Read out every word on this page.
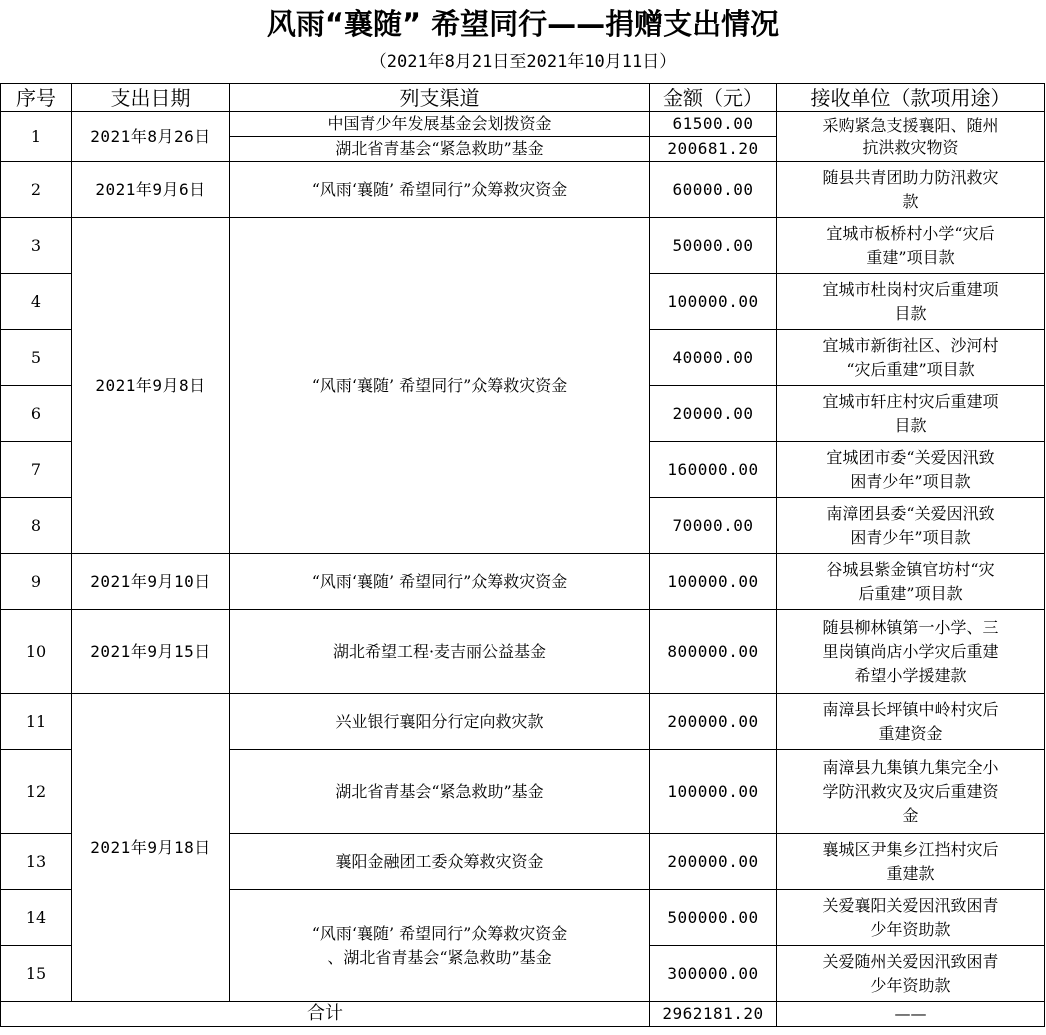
风雨“襄随” 希望同行——捐赠支出情况
（2021年8月21日至2021年10月11日）
序号	支出日期	列支渠道	金额（元）	接收单位（款项用途）
1	2021年8月26日	中国青少年发展基金会划拨资金	61500.00	采购紧急支援襄阳、随州
抗洪救灾物资

		湖北省青基会“紧急救助”基金	200681.20	
2	2021年9月6日	“风雨‘襄随’ 希望同行”众筹救灾资金	60000.00	随县共青团助力防汛救灾
款

3	2021年9月8日	“风雨‘襄随’ 希望同行”众筹救灾资金	50000.00	宜城市板桥村小学“灾后
重建”项目款

4			100000.00	宜城市杜岗村灾后重建项
目款

5			40000.00	宜城市新街社区、沙河村
“灾后重建”项目款

6			20000.00	宜城市轩庄村灾后重建项
目款

7			160000.00	宜城团市委“关爱因汛致
困青少年”项目款

8			70000.00	南漳团县委“关爱因汛致
困青少年”项目款

9	2021年9月10日	“风雨‘襄随’ 希望同行”众筹救灾资金	100000.00	谷城县紫金镇官坊村“灾
后重建”项目款

10	2021年9月15日	湖北希望工程·麦吉丽公益基金	800000.00	随县柳林镇第一小学、三
里岗镇尚店小学灾后重建
希望小学援建款

11	2021年9月18日	兴业银行襄阳分行定向救灾款	200000.00	南漳县长坪镇中岭村灾后
重建资金

12		湖北省青基会“紧急救助”基金	100000.00	南漳县九集镇九集完全小
学防汛救灾及灾后重建资
金

13		襄阳金融团工委众筹救灾资金	200000.00	襄城区尹集乡江挡村灾后
重建款

14		“风雨‘襄随’ 希望同行”众筹救灾资金
、湖北省青基会“紧急救助”基金	500000.00	关爱襄阳关爱因汛致困青
少年资助款

15			300000.00	关爱随州关爱因汛致困青
少年资助款

合计			2962181.20	——
